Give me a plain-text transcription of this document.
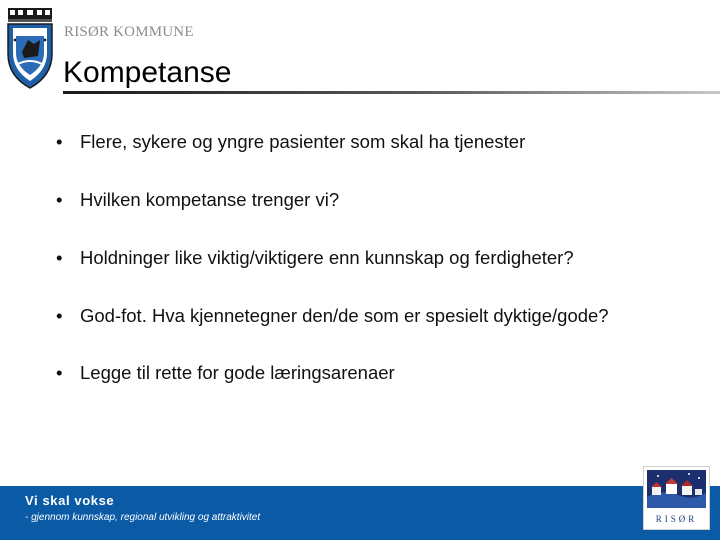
RISØR KOMMUNE
Kompetanse
• Flere, sykere og yngre pasienter som skal ha tjenester
• Hvilken kompetanse trenger vi?
• Holdninger like viktig/viktigere enn kunnskap og ferdigheter?
• God-fot. Hva kjennetegner den/de som er spesielt dyktige/gode?
• Legge til rette for gode læringsarenaer
Vi skal vokse
- gjennom kunnskap, regional utvikling og attraktivitet	RISØR
